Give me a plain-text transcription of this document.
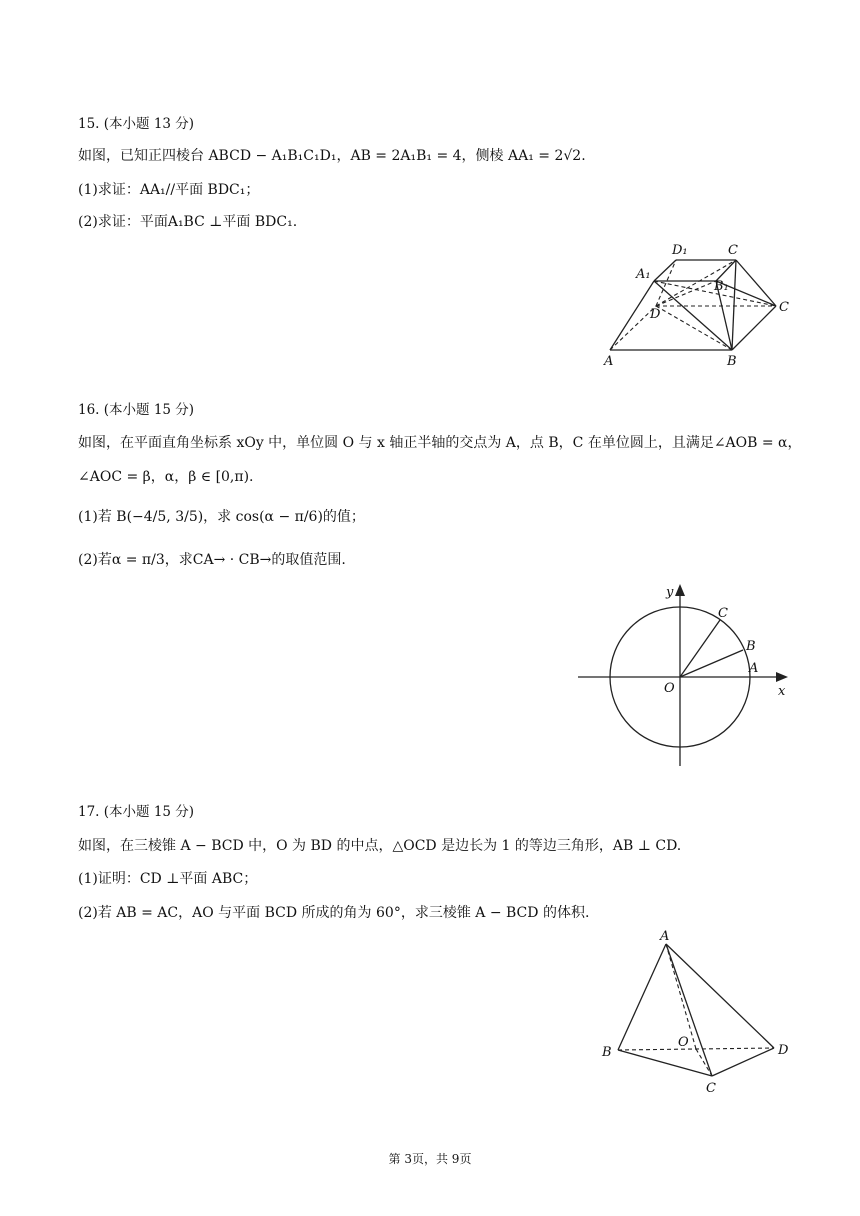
15. (本小题 13 分)
如图，已知正四棱台 ABCD − A₁B₁C₁D₁，AB = 2A₁B₁ = 4，侧棱 AA₁ = 2√2.
(1)求证：AA₁//平面 BDC₁；
(2)求证：平面A₁BC ⊥平面 BDC₁.
D₁	C
A₁
B₁
D	C
A	B
16. (本小题 15 分)
如图，在平面直角坐标系 xOy 中，单位圆 O 与 x 轴正半轴的交点为 A，点 B，C 在单位圆上，且满足∠AOB = α，
∠AOC = β，α，β ∈ [0,π).
(1)若 B(−4/5, 3/5)，求 cos(α − π/6)的值；
(2)若α = π/3，求CA→ · CB→的取值范围.
y
C
B
A
O	x
17. (本小题 15 分)
如图，在三棱锥 A − BCD 中，O 为 BD 的中点，△OCD 是边长为 1 的等边三角形，AB ⊥ CD.
(1)证明：CD ⊥平面 ABC；
(2)若 AB = AC，AO 与平面 BCD 所成的角为 60°，求三棱锥 A − BCD 的体积.
A
B
O
D
C
第 3页，共 9页
